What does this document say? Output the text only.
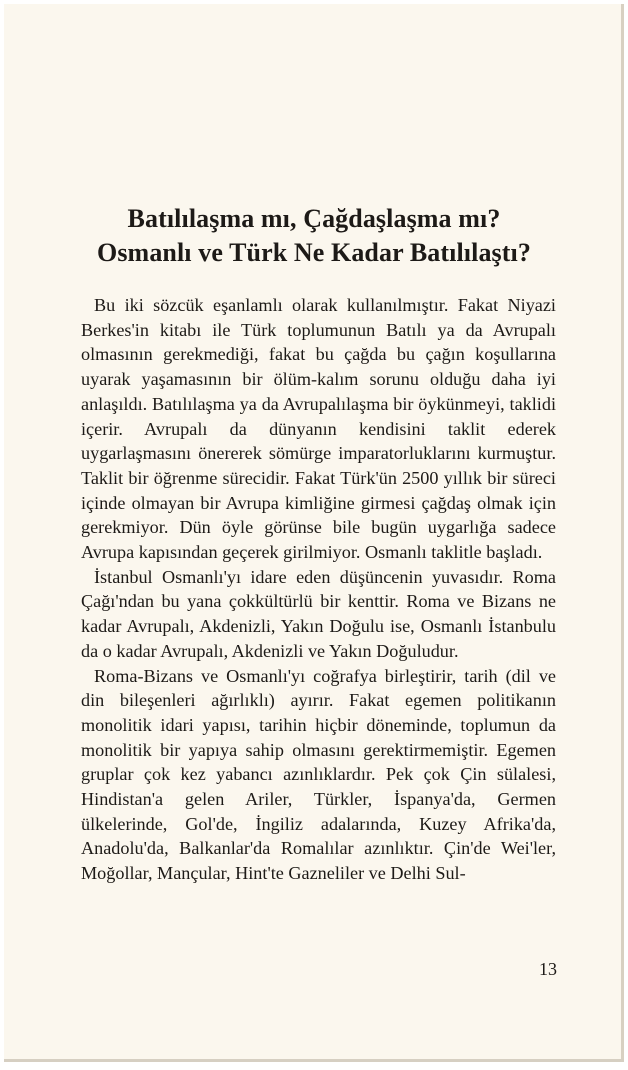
Batılılaşma mı, Çağdaşlaşma mı?
Osmanlı ve Türk Ne Kadar Batılılaştı?

Bu iki sözcük eşanlamlı olarak kullanılmıştır. Fakat Niyazi Berkes'in kitabı ile Türk toplumunun Batılı ya da Avrupalı olmasının gerekmediği, fakat bu çağda bu çağın koşullarına uyarak yaşamasının bir ölüm-kalım sorunu olduğu daha iyi anlaşıldı. Batılılaşma ya da Avrupalılaşma bir öykünmeyi, taklidi içerir. Avrupalı da dünyanın kendisini taklit ederek uygarlaşmasını önererek sömürge imparatorluklarını kurmuştur. Taklit bir öğrenme sürecidir. Fakat Türk'ün 2500 yıllık bir süreci içinde olmayan bir Avrupa kimliğine girmesi çağdaş olmak için gerekmiyor. Dün öyle görünse bile bugün uygarlığa sadece Avrupa kapısından geçerek girilmiyor. Osmanlı taklitle başladı.

İstanbul Osmanlı'yı idare eden düşüncenin yuvasıdır. Roma Çağı'ndan bu yana çokkültürlü bir kenttir. Roma ve Bizans ne kadar Avrupalı, Akdenizli, Yakın Doğulu ise, Osmanlı İstanbulu da o kadar Avrupalı, Akdenizli ve Yakın Doğuludur.

Roma-Bizans ve Osmanlı'yı coğrafya birleştirir, tarih (dil ve din bileşenleri ağırlıklı) ayırır. Fakat egemen politikanın monolitik idari yapısı, tarihin hiçbir döneminde, toplumun da monolitik bir yapıya sahip olmasını gerektirmemiştir. Egemen gruplar çok kez yabancı azınlıklardır. Pek çok Çin sülalesi, Hindistan'a gelen Ariler, Türkler, İspanya'da, Germen ülkelerinde, Gol'de, İngiliz adalarında, Kuzey Afrika'da, Anadolu'da, Balkanlar'da Romalılar azınlıktır. Çin'de Wei'ler, Moğollar, Mançular, Hint'te Gazneliler ve Delhi Sul-

13
